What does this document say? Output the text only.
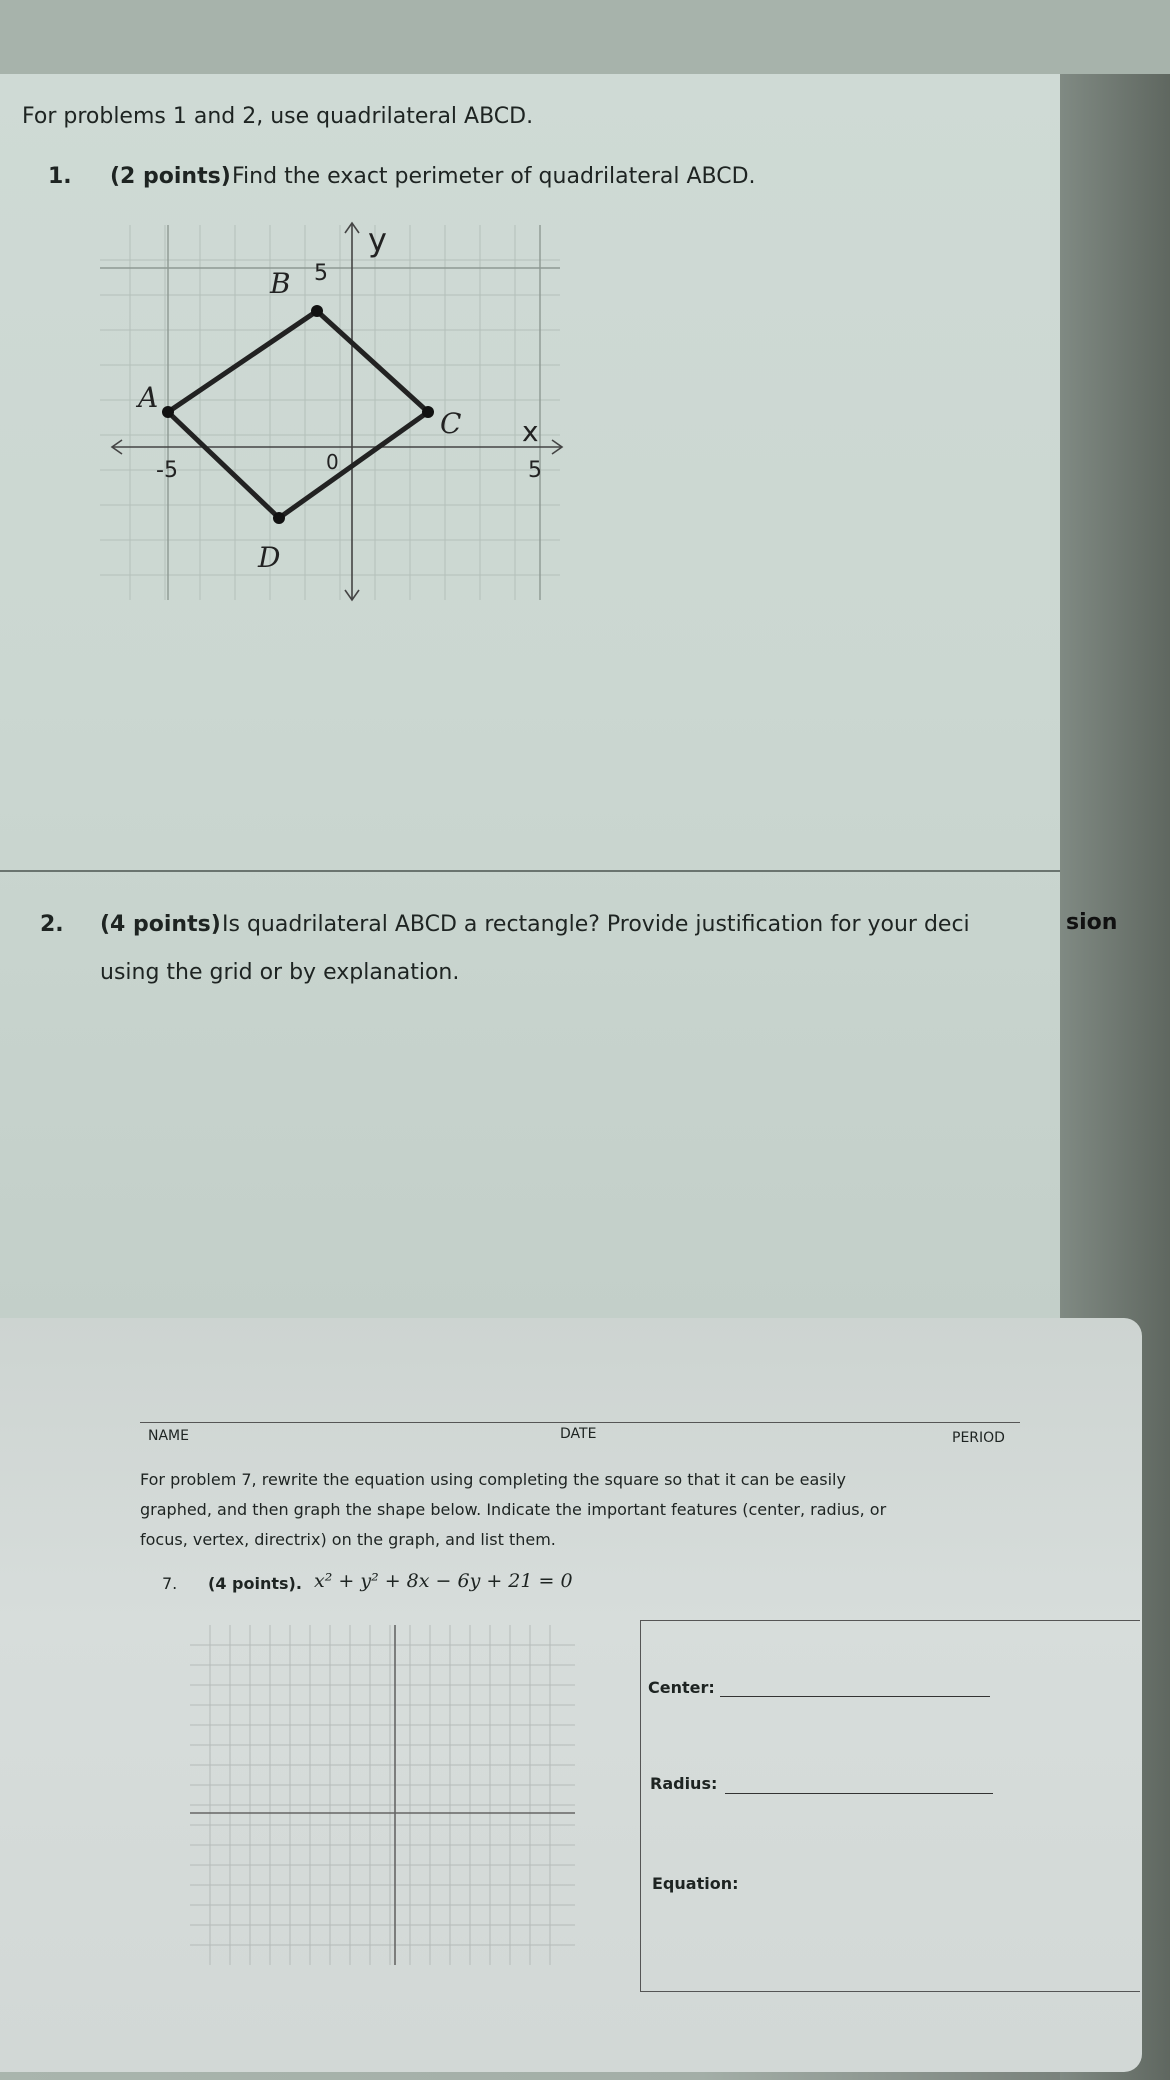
For problems 1 and 2, use quadrilateral ABCD.
1. (2 points) Find the exact perimeter of quadrilateral ABCD.
y
5
B
A
C
D
x
-5	5
0
2. (4 points) Is quadrilateral ABCD a rectangle? Provide justification for your deci	sion
using the grid or by explanation.
NAME	DATE	PERIOD
For problem 7, rewrite the equation using completing the square so that it can be easily
graphed, and then graph the shape below. Indicate the important features (center, radius, or
focus, vertex, directrix) on the graph, and list them.
7. (4 points). x² + y² + 8x − 6y + 21 = 0
Center:
Radius:
Equation:
